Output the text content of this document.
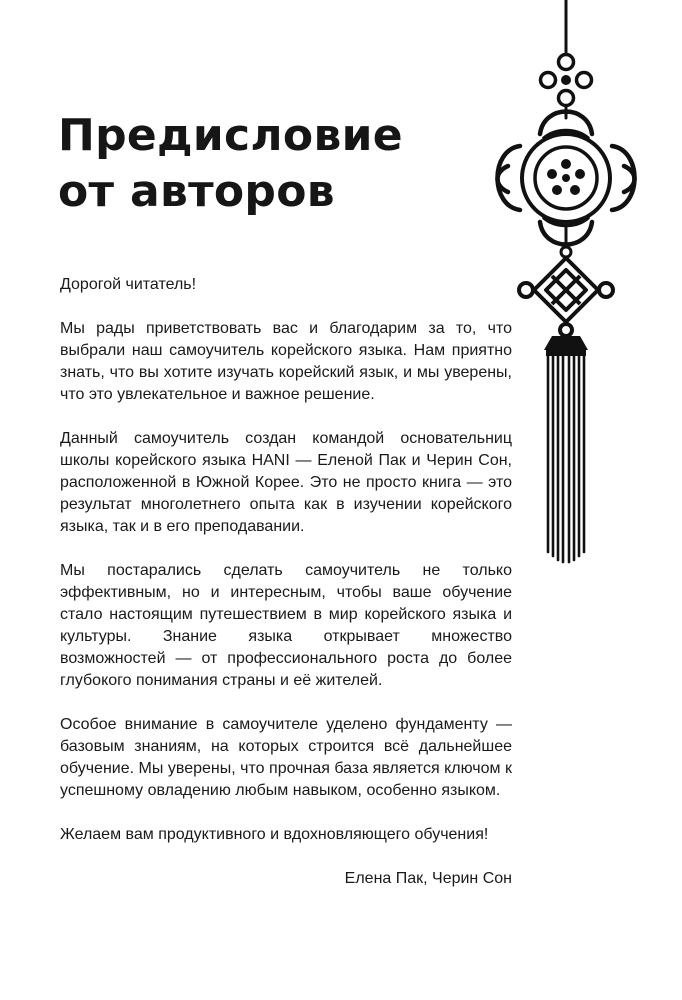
Предисловие
от авторов

Дорогой читатель!

Мы рады приветствовать вас и благодарим за то, что выбрали наш самоучитель корейского языка. Нам приятно знать, что вы хотите изучать корейский язык, и мы уверены, что это увлекательное и важное решение.

Данный самоучитель создан командой основательниц школы корейского языка HANI — Еленой Пак и Черин Сон, расположенной в Южной Корее. Это не просто книга — это результат многолетнего опыта как в изучении корейского языка, так и в его преподавании.

Мы постарались сделать самоучитель не только эффективным, но и интересным, чтобы ваше обучение стало настоящим путешествием в мир корейского языка и культуры. Знание языка открывает множество возможностей — от профессионального роста до более глубокого понимания страны и её жителей.

Особое внимание в самоучителе уделено фундаменту — базовым знаниям, на которых строится всё дальнейшее обучение. Мы уверены, что прочная база является ключом к успешному овладению любым навыком, особенно языком.

Желаем вам продуктивного и вдохновляющего обучения!

Елена Пак, Черин Сон
